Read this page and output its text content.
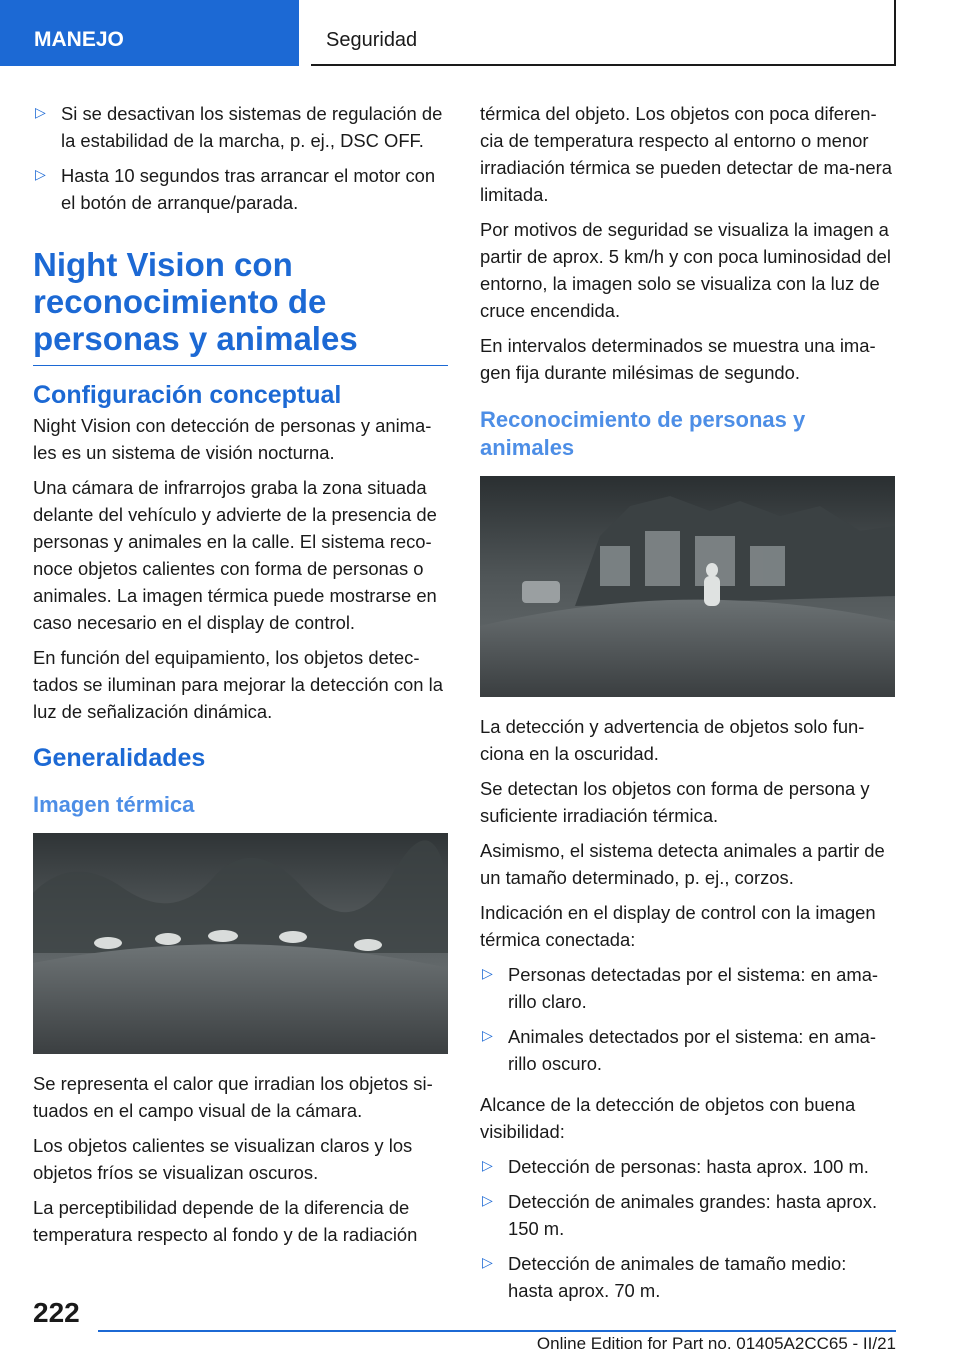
MANEJO	Seguridad
▷ Si se desactivan los sistemas de regulación de la estabilidad de la marcha, p. ej., DSC OFF.
▷ Hasta 10 segundos tras arrancar el motor con el botón de arranque/parada.
Night Vision con reconocimiento de personas y animales
Configuración conceptual

Night Vision con detección de personas y anima-les es un sistema de visión nocturna.

Una cámara de infrarrojos graba la zona situada delante del vehículo y advierte de la presencia de personas y animales en la calle. El sistema reco-noce objetos calientes con forma de personas o animales. La imagen térmica puede mostrarse en caso necesario en el display de control.

En función del equipamiento, los objetos detec-tados se iluminan para mejorar la detección con la luz de señalización dinámica.

Generalidades
Imagen térmica

Se representa el calor que irradian los objetos si-tuados en el campo visual de la cámara.

Los objetos calientes se visualizan claros y los objetos fríos se visualizan oscuros.

La perceptibilidad depende de la diferencia de temperatura respecto al fondo y de la radiación

térmica del objeto. Los objetos con poca diferen-cia de temperatura respecto al entorno o menor irradiación térmica se pueden detectar de ma-nera limitada.

Por motivos de seguridad se visualiza la imagen a partir de aprox. 5 km/h y con poca luminosidad del entorno, la imagen solo se visualiza con la luz de cruce encendida.

En intervalos determinados se muestra una ima-gen fija durante milésimas de segundo.

Reconocimiento de personas y animales

La detección y advertencia de objetos solo fun-ciona en la oscuridad.

Se detectan los objetos con forma de persona y suficiente irradiación térmica.

Asimismo, el sistema detecta animales a partir de un tamaño determinado, p. ej., corzos.

Indicación en el display de control con la imagen térmica conectada:

▷ Personas detectadas por el sistema: en ama-rillo claro.
▷ Animales detectados por el sistema: en ama-rillo oscuro.

Alcance de la detección de objetos con buena visibilidad:

▷ Detección de personas: hasta aprox. 100 m.
▷ Detección de animales grandes: hasta aprox. 150 m.
▷ Detección de animales de tamaño medio: hasta aprox. 70 m.
222
Online Edition for Part no. 01405A2CC65 - II/21
